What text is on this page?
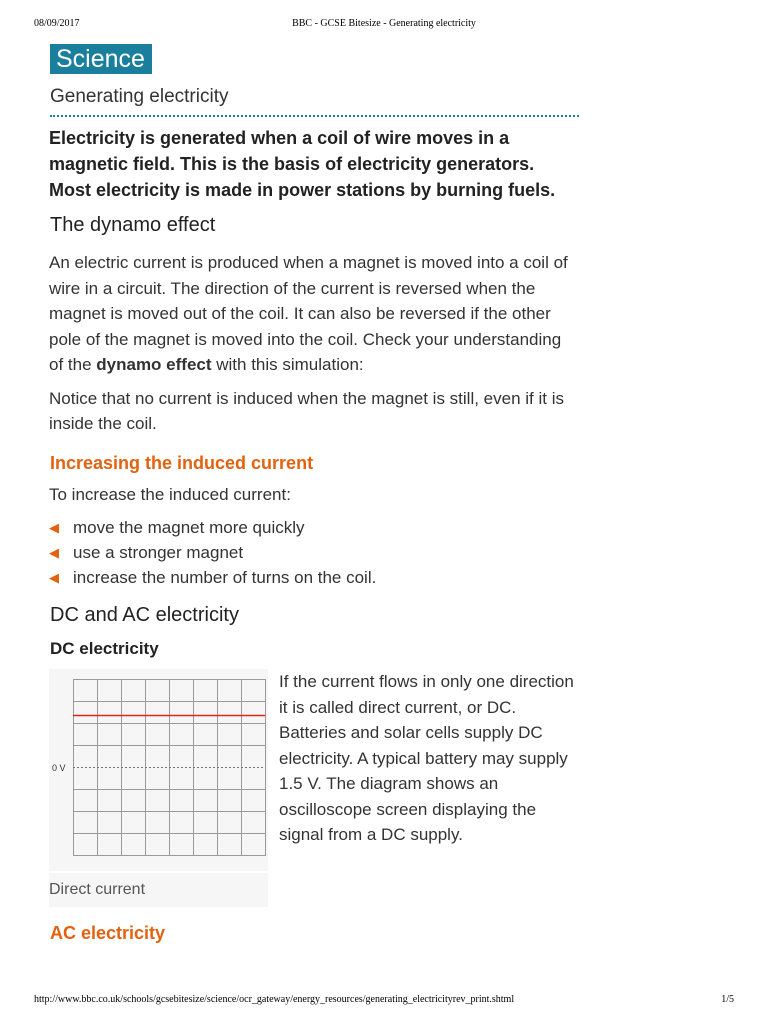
08/09/2017	BBC - GCSE Bitesize - Generating electricity
Science
Generating electricity
Electricity is generated when a coil of wire moves in a magnetic field. This is the basis of electricity generators. Most electricity is made in power stations by burning fuels.
The dynamo effect

An electric current is produced when a magnet is moved into a coil of wire in a circuit. The direction of the current is reversed when the magnet is moved out of the coil. It can also be reversed if the other pole of the magnet is moved into the coil. Check your understanding of the dynamo effect with this simulation:

Notice that no current is induced when the magnet is still, even if it is inside the coil.

Increasing the induced current

To increase the induced current:

◀ move the magnet more quickly
◀ use a stronger magnet
◀ increase the number of turns on the coil.
DC and AC electricity
DC electricity
0 V
Direct current

If the current flows in only one direction it is called direct current, or DC. Batteries and solar cells supply DC electricity. A typical battery may supply 1.5 V. The diagram shows an oscilloscope screen displaying the signal from a DC supply.

AC electricity
http://www.bbc.co.uk/schools/gcsebitesize/science/ocr_gateway/energy_resources/generating_electricityrev_print.shtml	1/5
